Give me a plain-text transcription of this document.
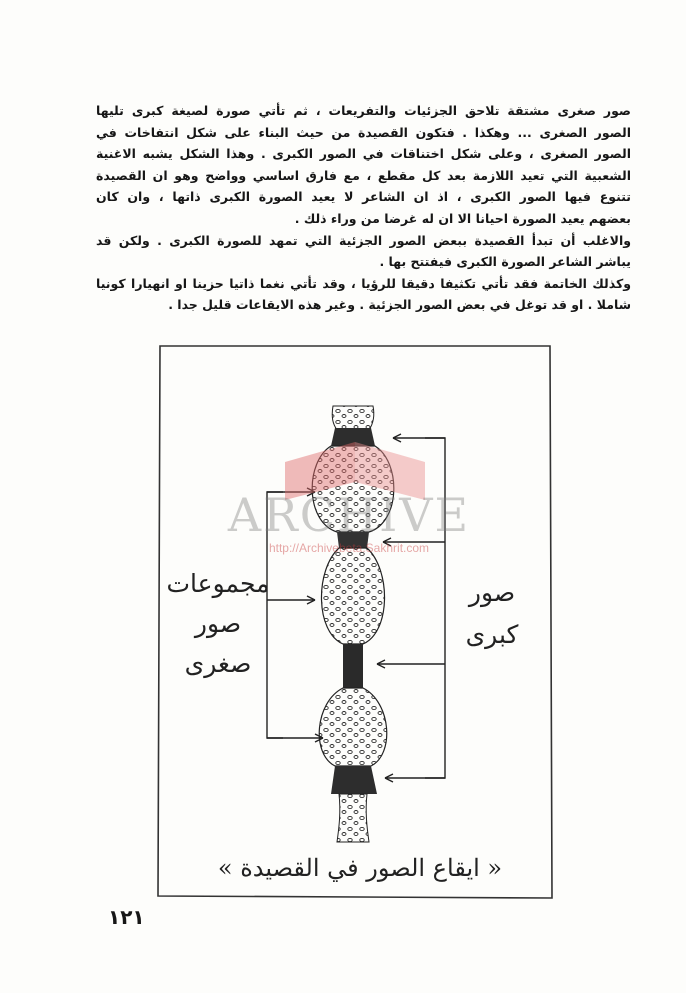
صور صغرى مشتقة تلاحق الجزئيات والتفريعات ، ثم تأتي صورة لصيغة كبرى تليها
الصور الصغرى ... وهكذا . فتكون القصيدة من حيث البناء على شكل انتفاخات في
الصور الصغرى ، وعلى شكل اختناقات في الصور الكبرى . وهذا الشكل يشبه الاغنية
الشعبية التي تعيد اللازمة بعد كل مقطع ، مع فارق اساسي وواضح وهو ان القصيدة
تتنوع فيها الصور الكبرى ، اذ ان الشاعر لا يعيد الصورة الكبرى ذاتها ، وان كان
بعضهم يعيد الصورة احيانا الا ان له غرضا من وراء ذلك .
والاغلب أن تبدأ القصيدة ببعض الصور الجزئية التي تمهد للصورة الكبرى . ولكن قد
يباشر الشاعر الصورة الكبرى فيفتتح بها .
وكذلك الخاتمة فقد تأتي تكثيفا دقيقا للرؤيا ، وقد تأتي نغما ذاتيا حزينا او انهيارا كونيا
شاملا . او قد توغل في بعض الصور الجزئية . وغير هذه الايقاعات قليل جدا .
مجموعات صور صغرى
صور كبرى
« ايقاع الصور في القصيدة »
ARCHIVE
http://Archivebeta.Sakhrit.com
١٢١
